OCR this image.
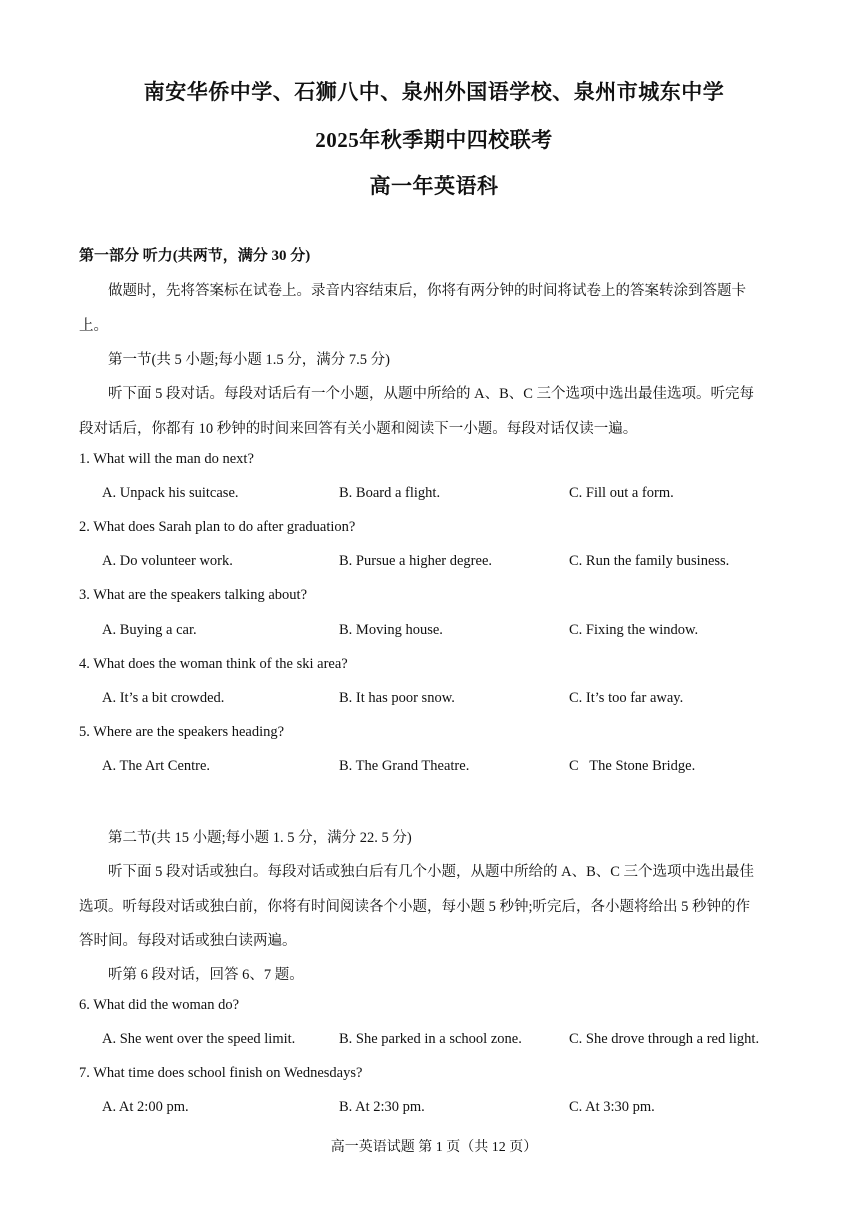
南安华侨中学、石狮八中、泉州外国语学校、泉州市城东中学
2025年秋季期中四校联考
高一年英语科
第一部分 听力(共两节，满分 30 分)
做题时，先将答案标在试卷上。录音内容结束后，你将有两分钟的时间将试卷上的答案转涂到答题卡
上。
第一节(共 5 小题;每小题 1.5 分，满分 7.5 分)
听下面 5 段对话。每段对话后有一个小题，从题中所给的 A、B、C 三个选项中选出最佳选项。听完每
段对话后，你都有 10 秒钟的时间来回答有关小题和阅读下一小题。每段对话仅读一遍。
1. What will the man do next?
A. Unpack his suitcase.	B. Board a flight.	C. Fill out a form.
2. What does Sarah plan to do after graduation?
A. Do volunteer work.	B. Pursue a higher degree.	C. Run the family business.
3. What are the speakers talking about?
A. Buying a car.	B. Moving house.	C. Fixing the window.
4. What does the woman think of the ski area?
A. It’s a bit crowded.	B. It has poor snow.	C. It’s too far away.
5. Where are the speakers heading?
A. The Art Centre.	B. The Grand Theatre.	C   The Stone Bridge.
第二节(共 15 小题;每小题 1. 5 分，满分 22. 5 分)
听下面 5 段对话或独白。每段对话或独白后有几个小题，从题中所给的 A、B、C 三个选项中选出最佳
选项。听每段对话或独白前，你将有时间阅读各个小题，每小题 5 秒钟;听完后，各小题将给出 5 秒钟的作
答时间。每段对话或独白读两遍。
听第 6 段对话，回答 6、7 题。
6. What did the woman do?
A. She went over the speed limit.	B. She parked in a school zone.	C. She drove through a red light.
7. What time does school finish on Wednesdays?
A. At 2:00 pm.	B. At 2:30 pm.	C. At 3:30 pm.
高一英语试题 第 1 页（共 12 页）
